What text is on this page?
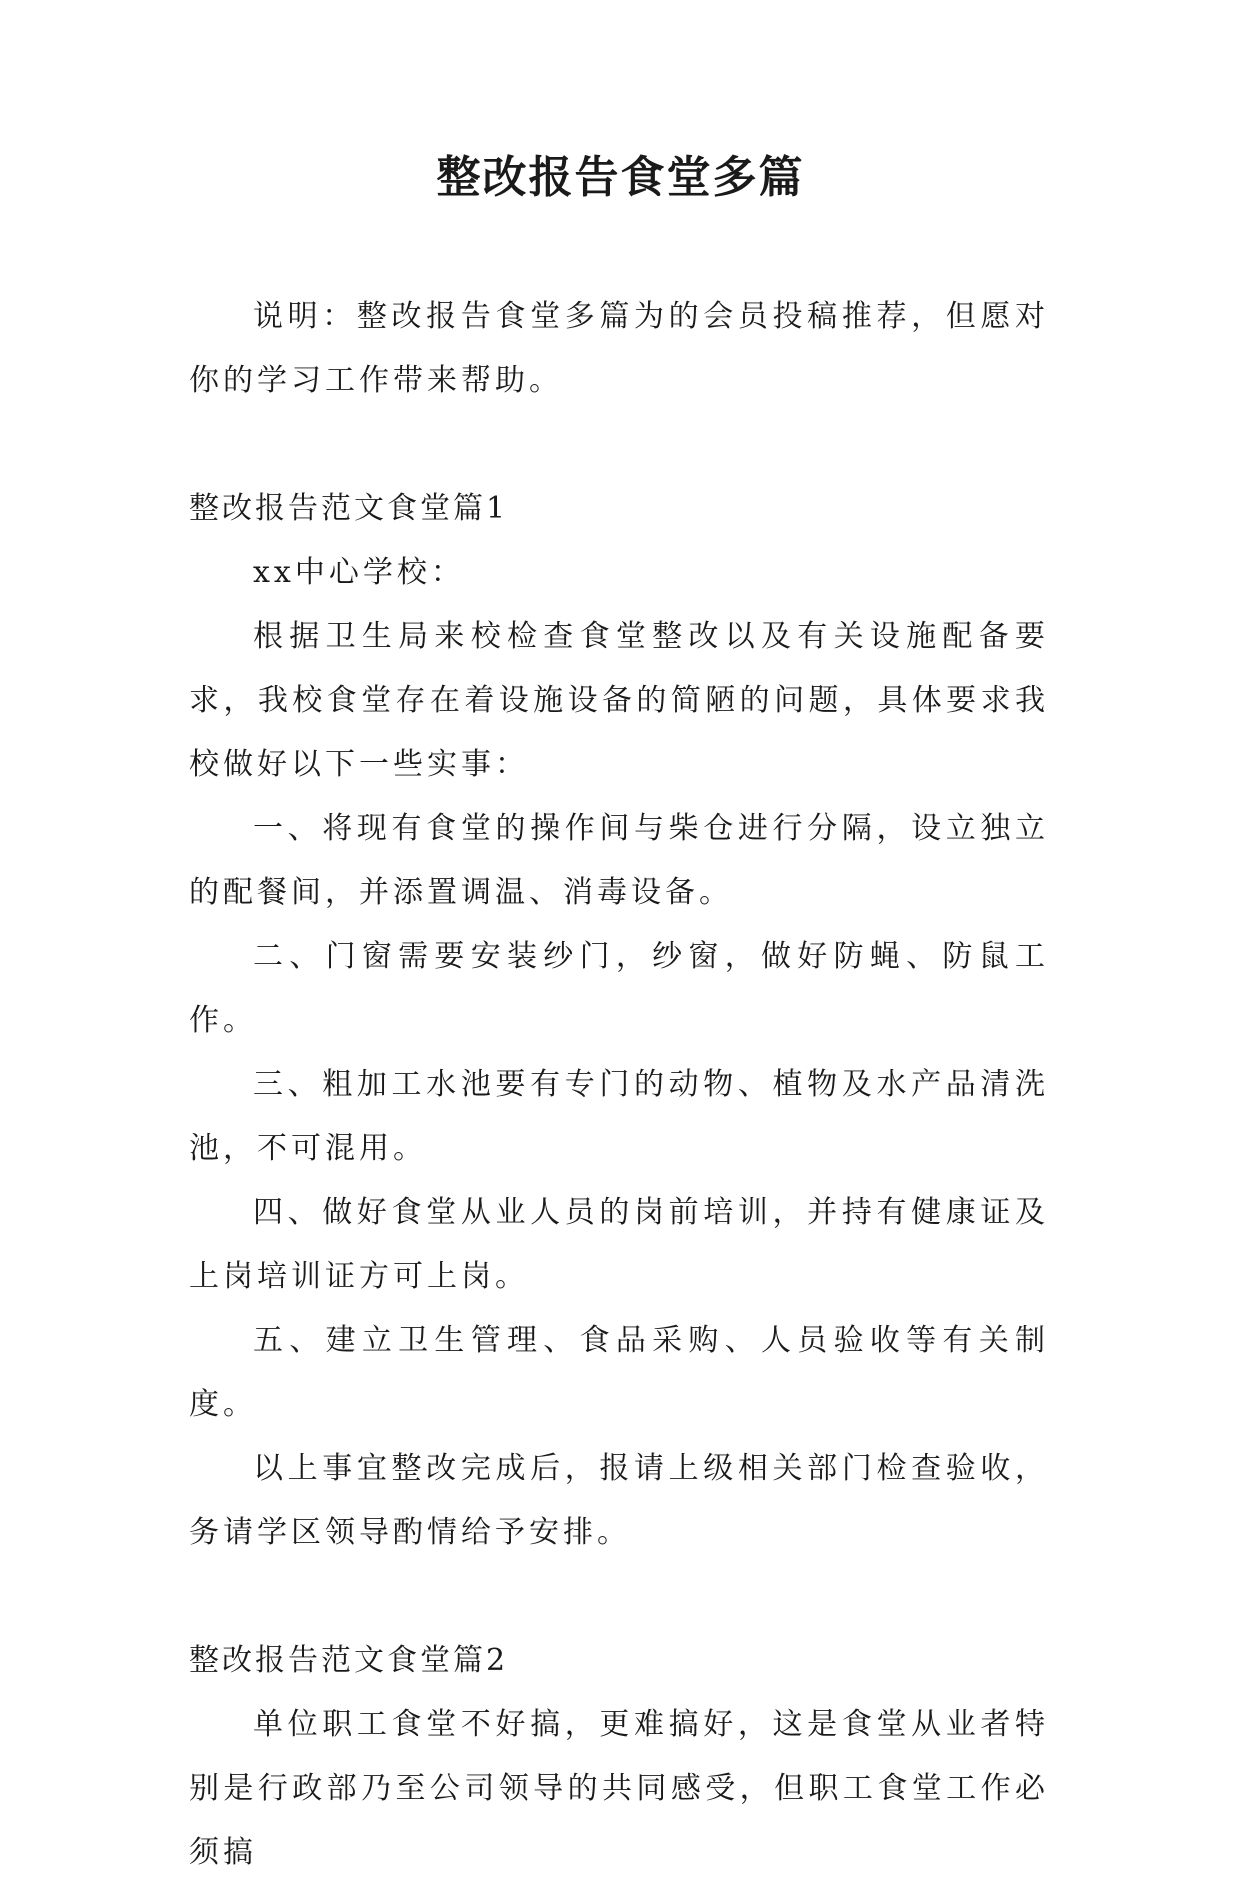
整改报告食堂多篇

说明：整改报告食堂多篇为的会员投稿推荐，但愿对你的学习工作带来帮助。

整改报告范文食堂篇1

xx中心学校：

根据卫生局来校检查食堂整改以及有关设施配备要求，我校食堂存在着设施设备的简陋的问题，具体要求我校做好以下一些实事：

一、将现有食堂的操作间与柴仓进行分隔，设立独立的配餐间，并添置调温、消毒设备。

二、门窗需要安装纱门，纱窗，做好防蝇、防鼠工作。

三、粗加工水池要有专门的动物、植物及水产品清洗池，不可混用。

四、做好食堂从业人员的岗前培训，并持有健康证及上岗培训证方可上岗。

五、建立卫生管理、食品采购、人员验收等有关制度。

以上事宜整改完成后，报请上级相关部门检查验收，务请学区领导酌情给予安排。

整改报告范文食堂篇2

单位职工食堂不好搞，更难搞好，这是食堂从业者特别是行政部乃至公司领导的共同感受，但职工食堂工作必须搞
